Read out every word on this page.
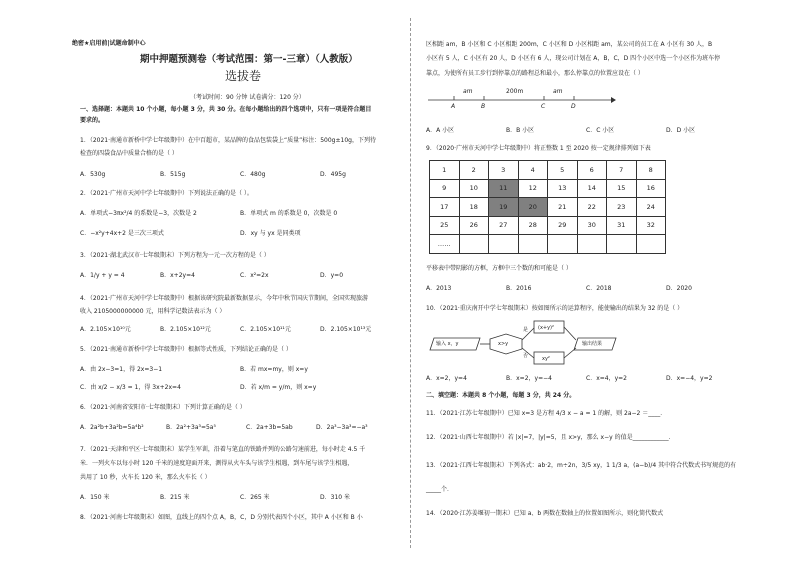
绝密★启用前|试题命制中心
期中押题预测卷（考试范围：第一-三章）（人教版）
选拔卷
（考试时间：90 分钟 试卷满分：120 分）
一、选择题：本题共 10 个小题，每小题 3 分，共 30 分。在每小题给出的四个选项中，只有一项是符合题目
要求的。
1．（2021·南通市新桥中学七年级期中）在中百超市，某品牌的食品包装袋上“质量”标注：500g±10g，下列待
检查的四袋食品中质量合格的是（ ）
A．530g	B．515g	C．480g	D．495g
2．（2021·广州市天河中学七年级期中）下列说法正确的是（ ）。
A．单项式−3πx²/4 的系数是−3，次数是 2	B．单项式 m 的系数是 0，次数是 0
C．−x²y+4x+2 是三次三项式	D．xy 与 yx 是同类项
3．（2021·湖北武汉市·七年级期末）下列方程为一元一次方程的是（ ）
A．1/y + y = 4	B．x+2y=4	C．x²=2x	D．y=0
4．（2021·广州市天河中学七年级期中）根据该研究院最新数据显示，今年中秋节国庆节期间，全国实现旅游
收入 2105000000000 元，用科学记数法表示为（ ）
A．2.105×10¹⁰元	B．2.105×10¹²元	C．2.105×10¹¹元	D．2.105×10¹³元
5．（2021·南通市新桥中学七年级期中）根据等式性质，下列结论正确的是（ ）
A．由 2x−3=1，得 2x=3−1	B．若 mx=my，则 x=y
C．由 x/2 − x/3 = 1，得 3x+2x=4	D．若 x/m = y/m，则 x=y
6．（2021·河南省安阳市·七年级期末）下列计算正确的是（ ）
A．2a²b+3a²b=5a⁴b²	B．2a²+3a³=5a⁵	C．2a+3b=5ab	D．2a³−3a³=−a³
7．（2021·天津和平区·七年级期末）某学生军训，沿着与笔直的铁路并列的公路匀速前进，每小时走 4.5 千
米．一列火车以每小时 120 千米的速度迎面开来，测得从火车头与该学生相遇，到车尾与该学生相遇，
共用了 10 秒，火车长 120 米，那么火车长（ ）
A．150 米	B．215 米	C．265 米	D．310 米
8．（2021·河南七年级期末）如图，直线上的四个点 A，B，C，D 分别代表四个小区，其中 A 小区和 B 小
区相距 am，B 小区和 C 小区相距 200m，C 小区和 D 小区相距 am，某公司的员工在 A 小区有 30 人，B
小区有 5 人，C 小区有 20 人，D 小区有 6 人，现公司计划在 A，B，C，D 四个小区中选一个小区作为班车停
靠点，为使所有员工步行到停靠点的路程总和最小，那么停靠点的位置应设在（ ）
am	200m	am
A	B	C	D
A．A 小区	B．B 小区	C．C 小区	D．D 小区
9．（2020·广州市天河中学七年级期中）将正整数 1 至 2020 按一定规律排列如下表
1	2	3	4	5	6	7	8
9	10	11	12	13	14	15	16
17	18	19	20	21	22	23	24
25	26	27	28	29	30	31	32
……							
平移表中带阴影的方框，方框中三个数的和可能是（ ）
A．2013	B．2016	C．2018	D．2020
10．（2021·重庆南开中学七年级期末）按如图所示的运算程序，能使输出的结果为 32 的是（ ）
输入 x，y	x>y
是
否
(x+y)²
xy²
输出结果
A．x=2，y=4	B．x=2，y=−4	C．x=4，y=2	D．x=−4，y=2
二、填空题：本题共 8 个小题，每题 3 分，共 24 分。
11．（2021·江苏七年级期中）已知 x=3 是方程 4/3 x − a = 1 的解，则 2a−2 ＝____．
12．（2021·山西七年级期中）若 |x|=7，|y|=5，且 x>y，那么 x−y 的值是____________．
13．（2021·江西七年级期末）下列各式：ab·2，m÷2n，3/5 xy，1 1/3 a，(a−b)/4 其中符合代数式书写规范的有
_____个．
14．（2020·江苏姜堰初一期末）已知 a、b 两数在数轴上的位置如图所示，则化简代数式
